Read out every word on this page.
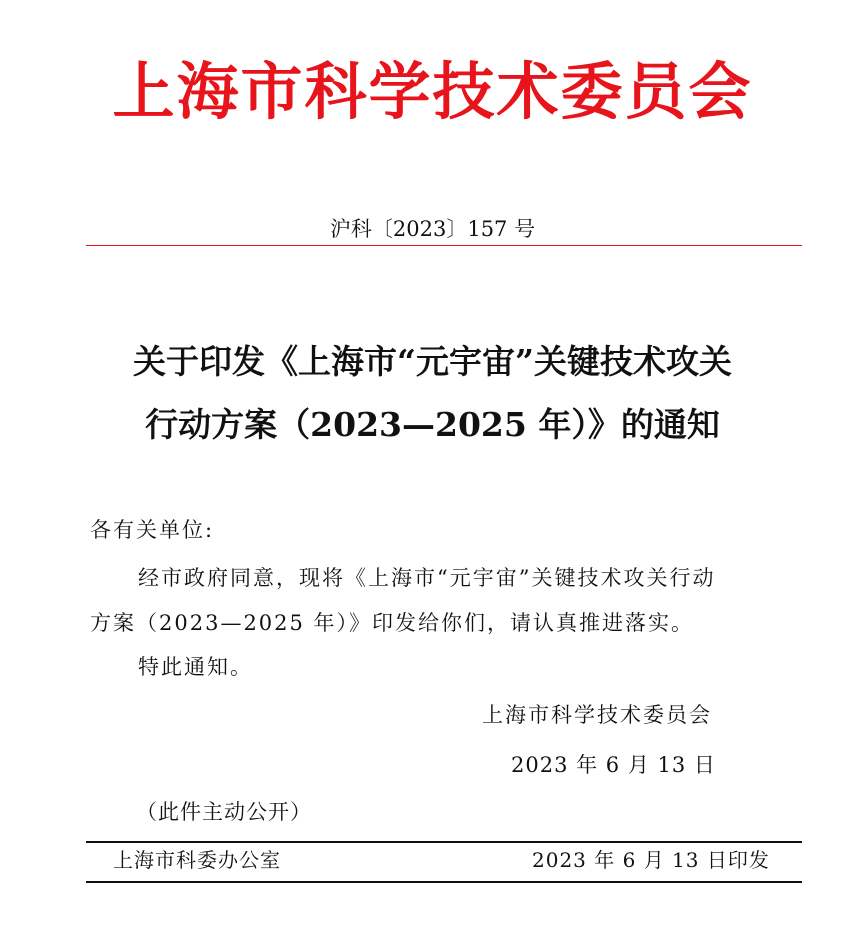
上海市科学技术委员会
沪科〔2023〕157 号
关于印发《上海市“元宇宙”关键技术攻关
行动方案（2023—2025 年）》的通知
各有关单位:
经市政府同意，现将《上海市“元宇宙”关键技术攻关行动
方案（2023—2025 年）》印发给你们，请认真推进落实。
特此通知。
上海市科学技术委员会
2023 年 6 月 13 日
（此件主动公开）
上海市科委办公室	2023 年 6 月 13 日印发
